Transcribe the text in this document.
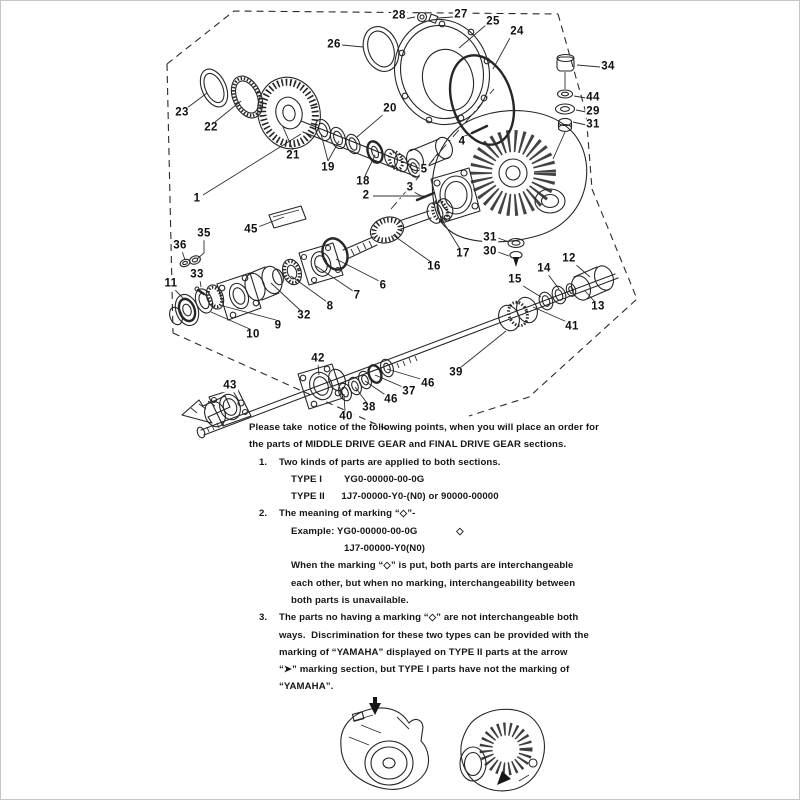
28	27
26
25
24
23
22
21
19
18
20
34
44
29
31
1	2
3
4
5
45
35
36
33
11
10
9
32
8
7
6
16
17
31
30
12
14
15
13
41
39
42
43
40
38
46
37
46
Please take  notice of the following points, when you will place an order for
the parts of MIDDLE DRIVE GEAR and FINAL DRIVE GEAR sections.
1. Two kinds of parts are applied to both sections.
TYPE I        YG0-00000-00-0G
TYPE II      1J7-00000-Y0-(N0) or 90000-00000
2. The meaning of marking “◇”-
Example: YG0-00000-00-0G              ◇
1J7-00000-Y0(N0)
When the marking “◇” is put, both parts are interchangeable
each other, but when no marking, interchangeability between
both parts is unavailable.
3. The parts no having a marking “◇” are not interchangeable both
ways.  Discrimination for these two types can be provided with the
marking of “YAMAHA” displayed on TYPE II parts at the arrow
“➤” marking section, but TYPE I parts have not the marking of
“YAMAHA”.
